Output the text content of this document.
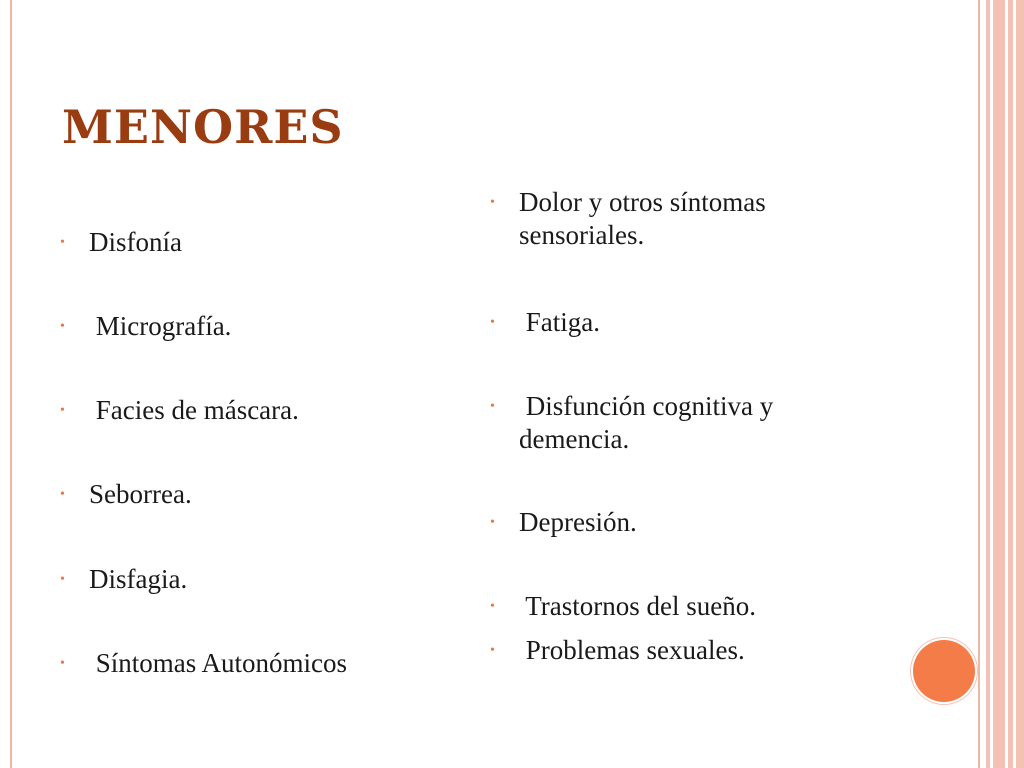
MENORES
• Disfonía
• Micrografía.
• Facies de máscara.
• Seborrea.
• Disfagia.
• Síntomas Autonómicos
• Dolor y otros síntomas
sensoriales.
• Fatiga.
•	Disfunción cognitiva y
demencia.
• Depresión.
• Trastornos del sueño.
• Problemas sexuales.
